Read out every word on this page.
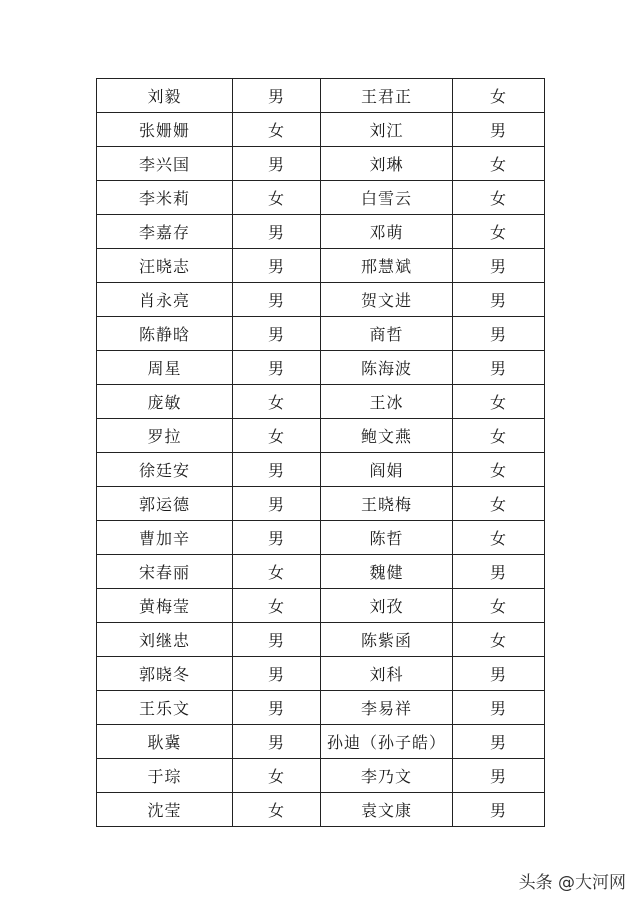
刘毅	男	王君正	女
张姗姗	女	刘江	男
李兴国	男	刘琳	女
李米莉	女	白雪云	女
李嘉存	男	邓萌	女
汪晓志	男	邢慧斌	男
肖永亮	男	贺文进	男
陈静晗	男	商哲	男
周星	男	陈海波	男
庞敏	女	王冰	女
罗拉	女	鲍文燕	女
徐廷安	男	阎娟	女
郭运德	男	王晓梅	女
曹加辛	男	陈哲	女
宋春丽	女	魏健	男
黄梅莹	女	刘孜	女
刘继忠	男	陈紫函	女
郭晓冬	男	刘科	男
王乐文	男	李易祥	男
耿冀	男	孙迪（孙子皓）	男
于琮	女	李乃文	男
沈莹	女	袁文康	男
头条 @大河网
